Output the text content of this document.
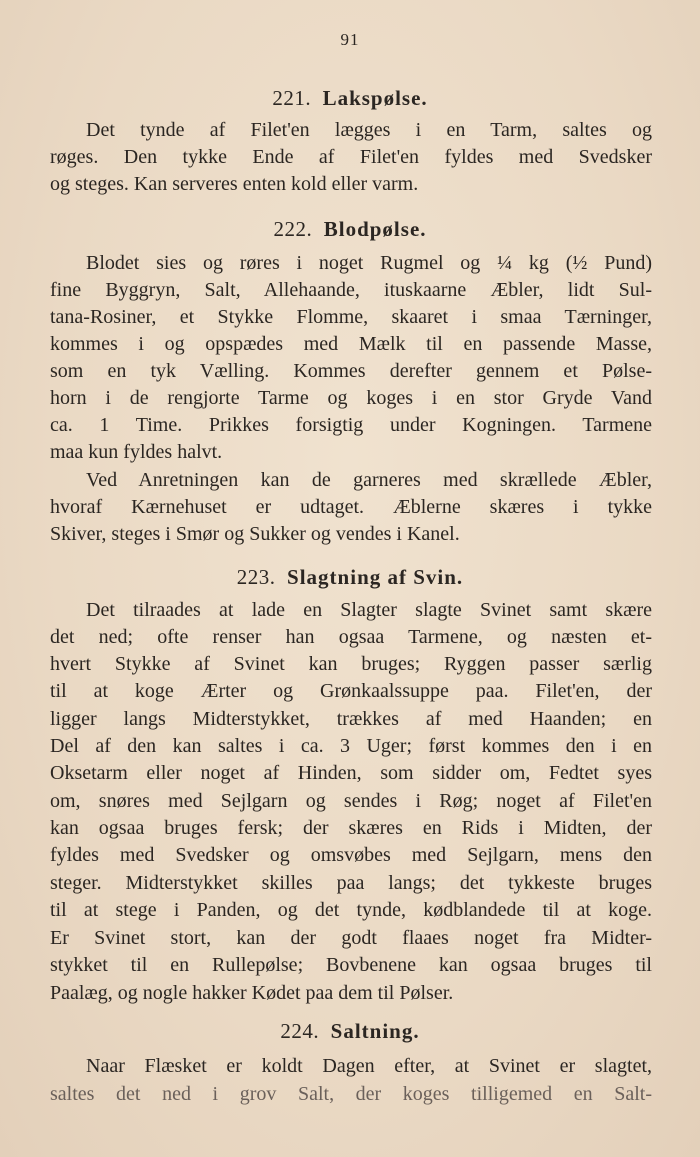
91
221. Lakspølse.
Det tynde af Filet'en lægges i en Tarm, saltes og
røges. Den tykke Ende af Filet'en fyldes med Svedsker
og steges. Kan serveres enten kold eller varm.
222. Blodpølse.
Blodet sies og røres i noget Rugmel og ¼ kg (½ Pund)
fine Byggryn, Salt, Allehaande, ituskaarne Æbler, lidt Sul-
tana-Rosiner, et Stykke Flomme, skaaret i smaa Tærninger,
kommes i og opspædes med Mælk til en passende Masse,
som en tyk Vælling. Kommes derefter gennem et Pølse-
horn i de rengjorte Tarme og koges i en stor Gryde Vand
ca. 1 Time. Prikkes forsigtig under Kogningen. Tarmene
maa kun fyldes halvt.
Ved Anretningen kan de garneres med skrællede Æbler,
hvoraf Kærnehuset er udtaget. Æblerne skæres i tykke
Skiver, steges i Smør og Sukker og vendes i Kanel.
223. Slagtning af Svin.
Det tilraades at lade en Slagter slagte Svinet samt skære
det ned; ofte renser han ogsaa Tarmene, og næsten et-
hvert Stykke af Svinet kan bruges; Ryggen passer særlig
til at koge Ærter og Grønkaalssuppe paa. Filet'en, der
ligger langs Midterstykket, trækkes af med Haanden; en
Del af den kan saltes i ca. 3 Uger; først kommes den i en
Oksetarm eller noget af Hinden, som sidder om, Fedtet syes
om, snøres med Sejlgarn og sendes i Røg; noget af Filet'en
kan ogsaa bruges fersk; der skæres en Rids i Midten, der
fyldes med Svedsker og omsvøbes med Sejlgarn, mens den
steger. Midterstykket skilles paa langs; det tykkeste bruges
til at stege i Panden, og det tynde, kødblandede til at koge.
Er Svinet stort, kan der godt flaaes noget fra Midter-
stykket til en Rullepølse; Bovbenene kan ogsaa bruges til
Paalæg, og nogle hakker Kødet paa dem til Pølser.
224. Saltning.
Naar Flæsket er koldt Dagen efter, at Svinet er slagtet,
saltes det ned i grov Salt, der koges tilligemed en Salt-
